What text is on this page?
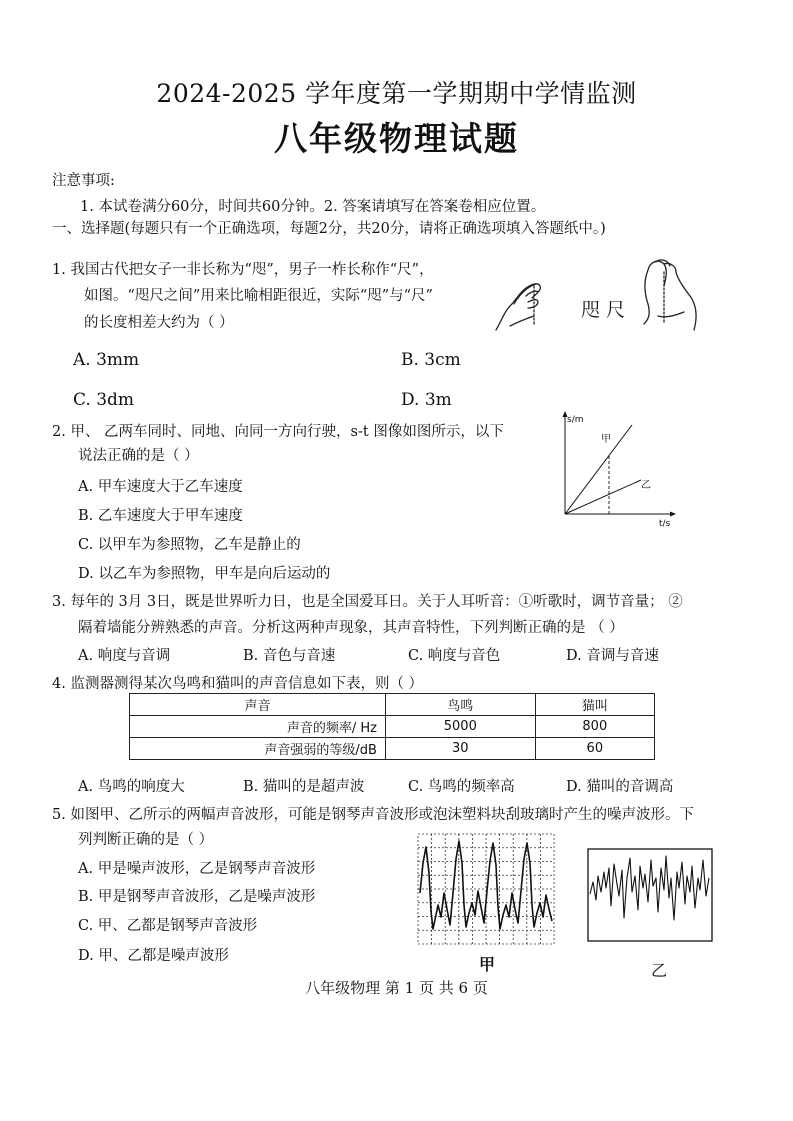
2024-2025 学年度第一学期期中学情监测
八年级物理试题
注意事项:
1. 本试卷满分60分，时间共60分钟。2. 答案请填写在答案卷相应位置。
一、选择题(每题只有一个正确选项，每题2分，共20分，请将正确选项填入答题纸中。)
1. 我国古代把女子一非长称为“咫”，男子一柞长称作“尺”，
如图。“咫尺之间”用来比喻相距很近，实际“咫”与“尺”
的长度相差大约为（ ）
咫 尺
A. 3mm	B. 3cm
C. 3dm	D. 3m
2. 甲、 乙两车同时、同地、向同一方向行驶，s-t 图像如图所示，以下
说法正确的是（ ）
A. 甲车速度大于乙车速度
B. 乙车速度大于甲车速度
C. 以甲车为参照物，乙车是静止的
D. 以乙车为参照物，甲车是向后运动的
s/m
t/s
甲
乙
3. 每年的 3月 3日，既是世界听力日，也是全国爱耳日。关于人耳听音：①听歌时，调节音量； ②
隔着墙能分辨熟悉的声音。分析这两种声现象，其声音特性，下列判断正确的是 （ ）
A. 响度与音调	B. 音色与音速	C. 响度与音色	D. 音调与音速
4. 监测器测得某次鸟鸣和猫叫的声音信息如下表，则（ ）
声音	鸟鸣	猫叫
声音的频率/ Hz	5000	800
声音强弱的等级/dB	30	60
A. 鸟鸣的响度大	B. 猫叫的是超声波	C. 鸟鸣的频率高	D. 猫叫的音调高
5. 如图甲、乙所示的两幅声音波形，可能是钢琴声音波形或泡沫塑料块刮玻璃时产生的噪声波形。下
列判断正确的是（ ）
A. 甲是噪声波形，乙是钢琴声音波形
B. 甲是钢琴声音波形，乙是噪声波形
C. 甲、乙都是钢琴声音波形
D. 甲、乙都是噪声波形	甲	乙
八年级物理 第 1 页 共 6 页
